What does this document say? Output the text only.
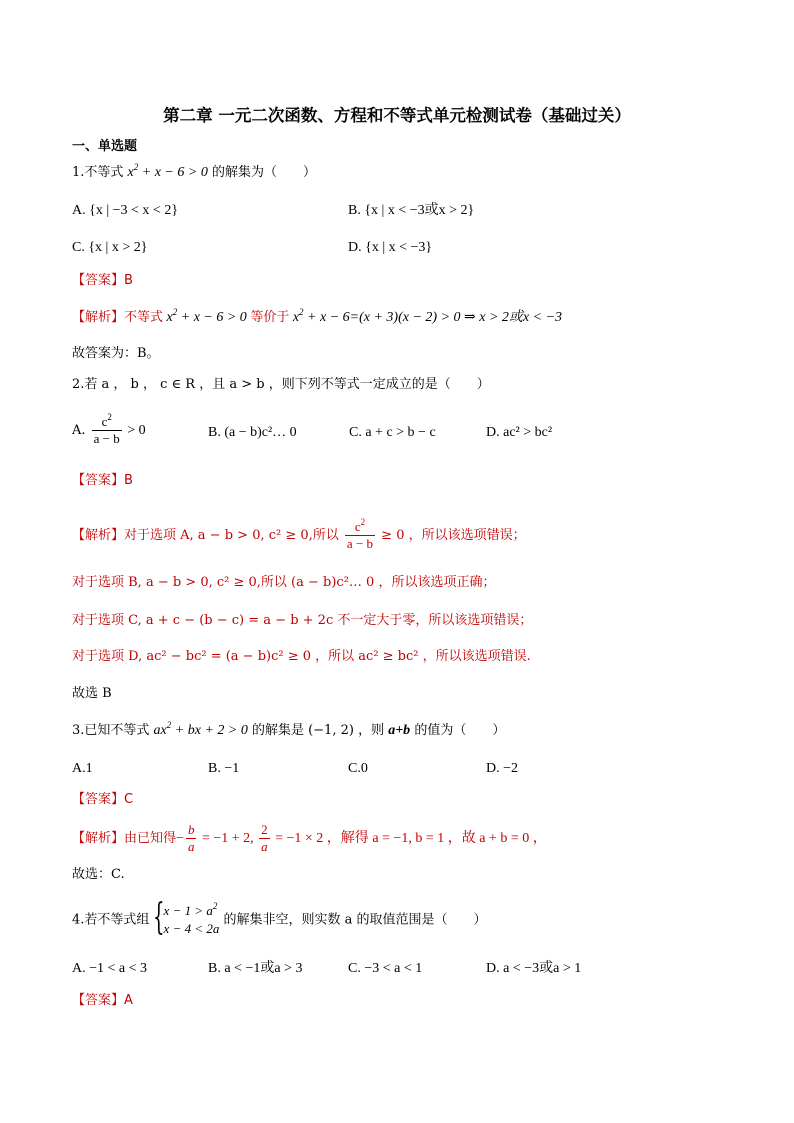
第二章 一元二次函数、方程和不等式单元检测试卷（基础过关）
一、单选题
1.不等式 $x^2 + x - 6 > 0$ 的解集为（　　）
A. {x | −3 < x < 2}	B. {x | x < −3或x > 2}
C. {x | x > 2}	D. {x | x < −3}
【答案】B
【解析】不等式 $x^2 + x - 6 > 0$ 等价于 $x^2 + x - 6=(x + 3)(x - 2) > 0$ ⇒ x > 2或x < −3
故答案为：B。
2.若 a ， b ， c ∈ R ，且 a > b ，则下列不等式一定成立的是（　　）
A. $\frac{c^2}{a - b} > 0$	B. (a − b)c²… 0	C. a + c > b − c	D. ac² > bc²
【答案】B
【解析】对于选项 A, a − b > 0, c² ≥ 0,所以 $\frac{c^2}{a - b} \ge 0$ ，所以该选项错误；
对于选项 B, a − b > 0, c² ≥ 0,所以 (a − b)c²… 0 ，所以该选项正确；
对于选项 C, a + c − (b − c) = a − b + 2c 不一定大于零，所以该选项错误；
对于选项 D, ac² − bc² = (a − b)c² ≥ 0 ，所以 ac² ≥ bc² ，所以该选项错误.
故选 B
3.已知不等式 $ax^2$ + bx + 2 > 0 的解集是 (−1, 2) ，则 a+b 的值为（　　）
A.1	B. −1	C.0	D. −2
【答案】C
【解析】由已知得− $\frac{b}{a} = -1 + 2$, $\frac{2}{a} = -1 \times 2$ ，解得 a = −1, b = 1 ，故 a + b = 0 ，
故选：C.
4.若不等式组 { $x - 1 > a^2$
x − 4 < 2a
的解集非空，则实数 a 的取值范围是（　　）
A. −1 < a < 3	B. a < −1或a > 3	C. −3 < a < 1	D. a < −3或a > 1
【答案】A
